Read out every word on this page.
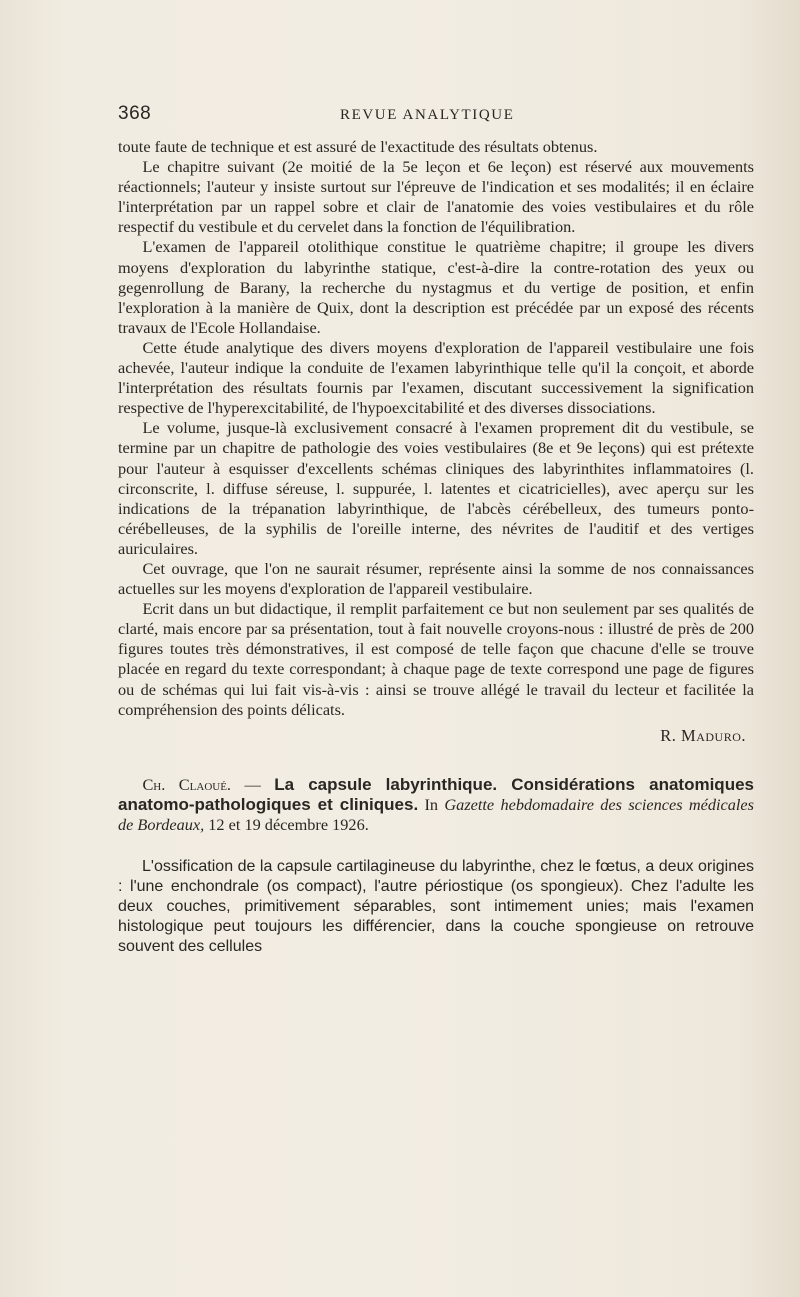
368	REVUE ANALYTIQUE

toute faute de technique et est assuré de l'exactitude des résultats obtenus.

Le chapitre suivant (2e moitié de la 5e leçon et 6e leçon) est réservé aux mouvements réactionnels; l'auteur y insiste surtout sur l'épreuve de l'indication et ses modalités; il en éclaire l'interprétation par un rappel sobre et clair de l'anatomie des voies vestibulaires et du rôle respectif du vestibule et du cervelet dans la fonction de l'équilibration.

L'examen de l'appareil otolithique constitue le quatrième chapitre; il groupe les divers moyens d'exploration du labyrinthe statique, c'est-à-dire la contre-rotation des yeux ou gegenrollung de Barany, la recherche du nystagmus et du vertige de position, et enfin l'exploration à la manière de Quix, dont la description est précédée par un exposé des récents travaux de l'Ecole Hollandaise.

Cette étude analytique des divers moyens d'exploration de l'appareil vestibulaire une fois achevée, l'auteur indique la conduite de l'examen labyrinthique telle qu'il la conçoit, et aborde l'interprétation des résultats fournis par l'examen, discutant successivement la signification respective de l'hyperexcitabilité, de l'hypoexcitabilité et des diverses dissociations.

Le volume, jusque-là exclusivement consacré à l'examen proprement dit du vestibule, se termine par un chapitre de pathologie des voies vestibulaires (8e et 9e leçons) qui est prétexte pour l'auteur à esquisser d'excellents schémas cliniques des labyrinthites inflammatoires (l. circonscrite, l. diffuse séreuse, l. suppurée, l. latentes et cicatricielles), avec aperçu sur les indications de la trépanation labyrinthique, de l'abcès cérébelleux, des tumeurs ponto-cérébelleuses, de la syphilis de l'oreille interne, des névrites de l'auditif et des vertiges auriculaires.

Cet ouvrage, que l'on ne saurait résumer, représente ainsi la somme de nos connaissances actuelles sur les moyens d'exploration de l'appareil vestibulaire.

Ecrit dans un but didactique, il remplit parfaitement ce but non seulement par ses qualités de clarté, mais encore par sa présentation, tout à fait nouvelle croyons-nous : illustré de près de 200 figures toutes très démonstratives, il est composé de telle façon que chacune d'elle se trouve placée en regard du texte correspondant; à chaque page de texte correspond une page de figures ou de schémas qui lui fait vis-à-vis : ainsi se trouve allégé le travail du lecteur et facilitée la compréhension des points délicats.

R. Maduro.

Ch. Claoué. — La capsule labyrinthique. Considérations anatomiques anatomo-pathologiques et cliniques. In Gazette hebdomadaire des sciences médicales de Bordeaux, 12 et 19 décembre 1926.

L'ossification de la capsule cartilagineuse du labyrinthe, chez le fœtus, a deux origines : l'une enchondrale (os compact), l'autre périostique (os spongieux). Chez l'adulte les deux couches, primitivement séparables, sont intimement unies; mais l'examen histologique peut toujours les différencier, dans la couche spongieuse on retrouve souvent des cellules
